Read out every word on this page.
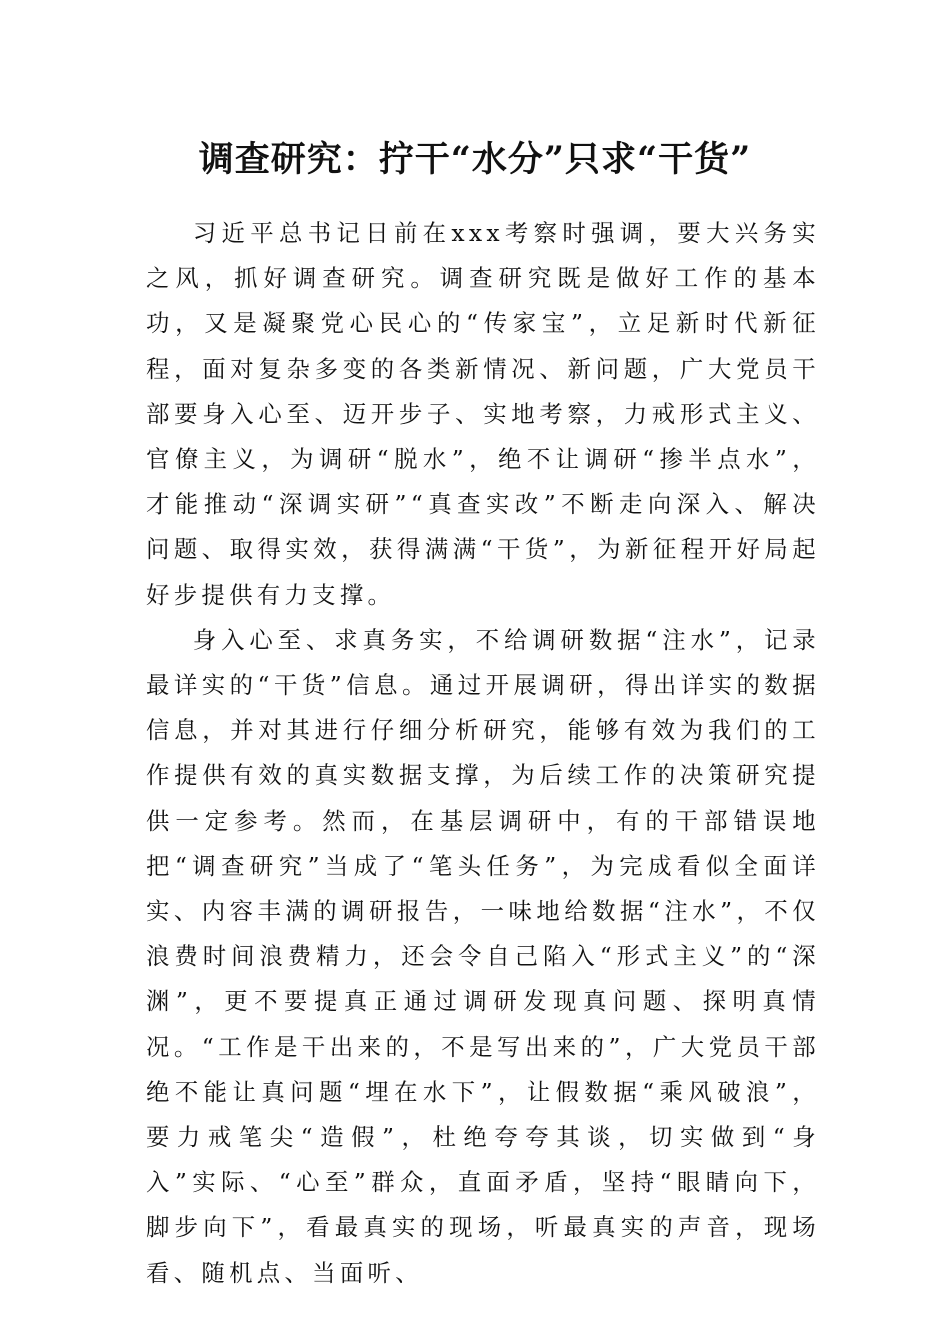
调查研究：拧干“水分”只求“干货”

习近平总书记日前在xxx考察时强调，要大兴务实之风，抓好调查研究。调查研究既是做好工作的基本功，又是凝聚党心民心的“传家宝”，立足新时代新征程，面对复杂多变的各类新情况、新问题，广大党员干部要身入心至、迈开步子、实地考察，力戒形式主义、官僚主义，为调研“脱水”，绝不让调研“掺半点水”，才能推动“深调实研”“真查实改”不断走向深入、解决问题、取得实效，获得满满“干货”，为新征程开好局起好步提供有力支撑。

身入心至、求真务实，不给调研数据“注水”，记录最详实的“干货”信息。通过开展调研，得出详实的数据信息，并对其进行仔细分析研究，能够有效为我们的工作提供有效的真实数据支撑，为后续工作的决策研究提供一定参考。然而，在基层调研中，有的干部错误地把“调查研究”当成了“笔头任务”，为完成看似全面详实、内容丰满的调研报告，一味地给数据“注水”，不仅浪费时间浪费精力，还会令自己陷入“形式主义”的“深渊”，更不要提真正通过调研发现真问题、探明真情况。“工作是干出来的，不是写出来的”，广大党员干部绝不能让真问题“埋在水下”，让假数据“乘风破浪”，要力戒笔尖“造假”，杜绝夸夸其谈，切实做到“身入”实际、“心至”群众，直面矛盾，坚持“眼睛向下，脚步向下”，看最真实的现场，听最真实的声音，现场看、随机点、当面听、
